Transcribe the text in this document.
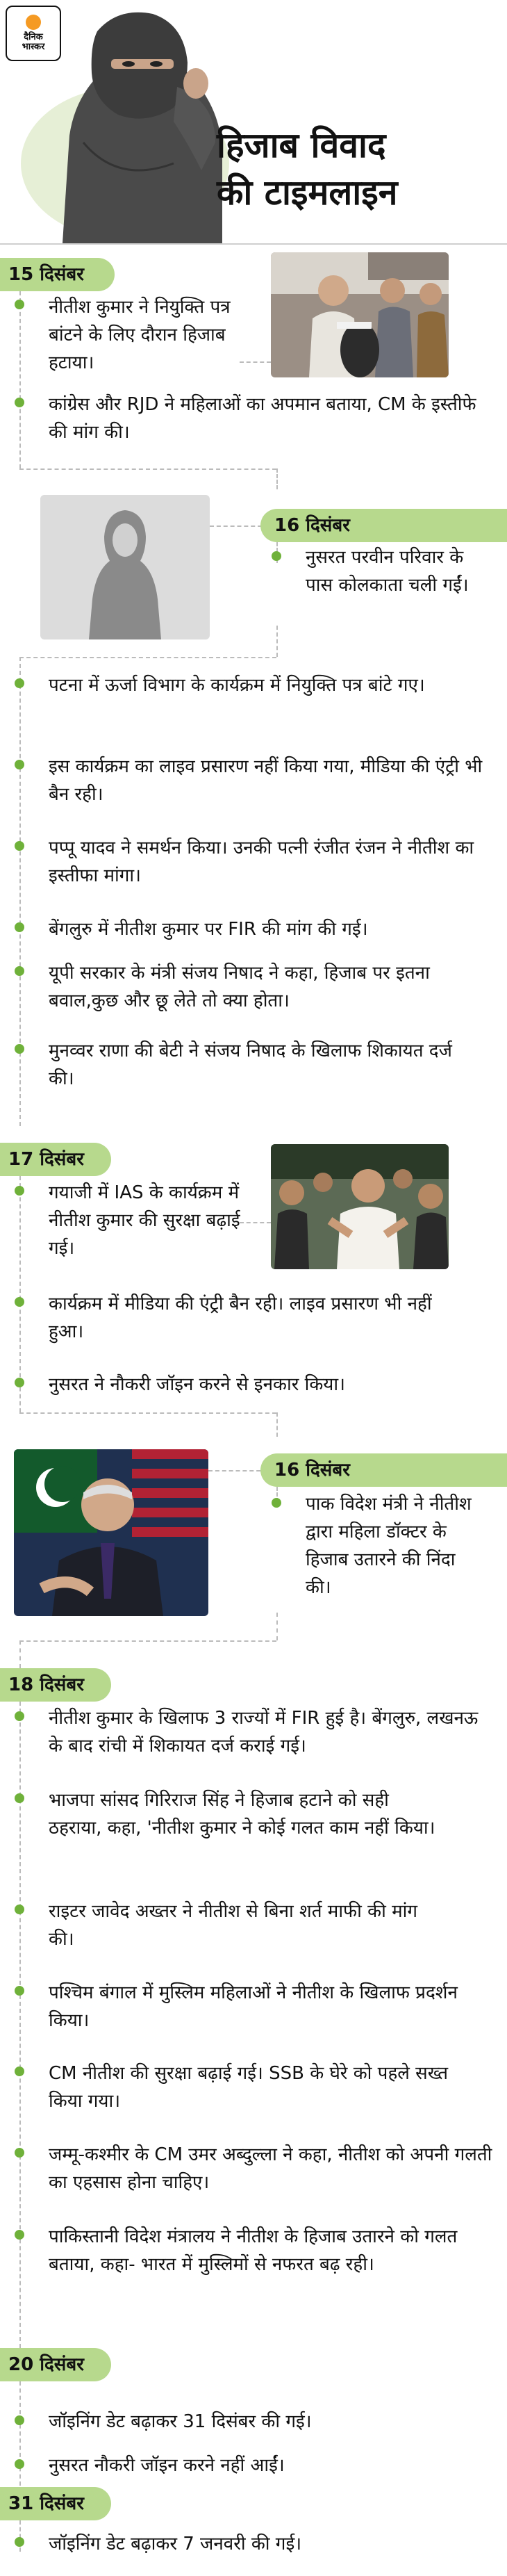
दैनिक
भास्कर
हिजाब विवाद
की टाइमलाइन
15 दिसंबर
नीतीश कुमार ने नियुक्ति पत्र बांटने के लिए दौरान हिजाब हटाया।
कांग्रेस और RJD ने महिलाओं का अपमान बताया, CM के इस्तीफे की मांग की।
16 दिसंबर
नुसरत परवीन परिवार के पास कोलकाता चली गईं।
पटना में ऊर्जा विभाग के कार्यक्रम में नियुक्ति पत्र बांटे गए।
इस कार्यक्रम का लाइव प्रसारण नहीं किया गया, मीडिया की एंट्री भी बैन रही।
पप्पू यादव ने समर्थन किया। उनकी पत्नी रंजीत रंजन ने नीतीश का इस्तीफा मांगा।
बेंगलुरु में नीतीश कुमार पर FIR की मांग की गई।
यूपी सरकार के मंत्री संजय निषाद ने कहा, हिजाब पर इतना बवाल,कुछ और छू लेते तो क्या होता।
मुनव्वर राणा की बेटी ने संजय निषाद के खिलाफ शिकायत दर्ज की।
17 दिसंबर
गयाजी में IAS के कार्यक्रम में नीतीश कुमार की सुरक्षा बढ़ाई गई।
कार्यक्रम में मीडिया की एंट्री बैन रही। लाइव प्रसारण भी नहीं हुआ।
नुसरत ने नौकरी जॉइन करने से इनकार किया।
16 दिसंबर
पाक विदेश मंत्री ने नीतीश द्वारा महिला डॉक्टर के हिजाब उतारने की निंदा की।
18 दिसंबर
नीतीश कुमार के खिलाफ 3 राज्यों में FIR हुई है। बेंगलुरु, लखनऊ के बाद रांची में शिकायत दर्ज कराई गई।
भाजपा सांसद गिरिराज सिंह ने हिजाब हटाने को सही ठहराया, कहा, 'नीतीश कुमार ने कोई गलत काम नहीं किया।
राइटर जावेद अख्तर ने नीतीश से बिना शर्त माफी की मांग की।
पश्चिम बंगाल में मुस्लिम महिलाओं ने नीतीश के खिलाफ प्रदर्शन किया।
CM नीतीश की सुरक्षा बढ़ाई गई। SSB के घेरे को पहले सख्त किया गया।
जम्मू-कश्मीर के CM उमर अब्दुल्ला ने कहा, नीतीश को अपनी गलती का एहसास होना चाहिए।
पाकिस्तानी विदेश मंत्रालय ने नीतीश के हिजाब उतारने को गलत बताया, कहा- भारत में मुस्लिमों से नफरत बढ़ रही।
20 दिसंबर
जॉइनिंग डेट बढ़ाकर 31 दिसंबर की गई।
नुसरत नौकरी जॉइन करने नहीं आईं।
31 दिसंबर
जॉइनिंग डेट बढ़ाकर 7 जनवरी की गई।
